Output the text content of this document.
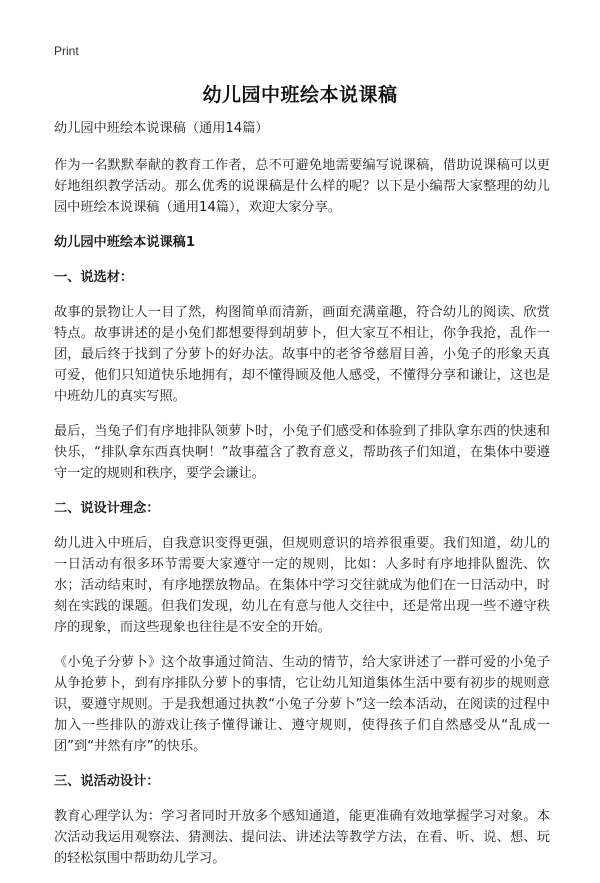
Print
幼儿园中班绘本说课稿

幼儿园中班绘本说课稿（通用14篇）

作为一名默默奉献的教育工作者，总不可避免地需要编写说课稿，借助说课稿可以更好地组织教学活动。那么优秀的说课稿是什么样的呢？以下是小编帮大家整理的幼儿园中班绘本说课稿（通用14篇），欢迎大家分享。

幼儿园中班绘本说课稿1
一、说选材：

故事的景物让人一目了然，构图简单而清新，画面充满童趣，符合幼儿的阅读、欣赏特点。故事讲述的是小兔们都想要得到胡萝卜，但大家互不相让，你争我抢，乱作一团，最后终于找到了分萝卜的好办法。故事中的老爷爷慈眉目善，小兔子的形象天真可爱，他们只知道快乐地拥有，却不懂得顾及他人感受，不懂得分享和谦让，这也是中班幼儿的真实写照。

最后，当兔子们有序地排队领萝卜时，小兔子们感受和体验到了排队拿东西的快速和快乐，“排队拿东西真快啊！”故事蕴含了教育意义，帮助孩子们知道，在集体中要遵守一定的规则和秩序，要学会谦让。

二、说设计理念：

幼儿进入中班后，自我意识变得更强，但规则意识的培养很重要。我们知道，幼儿的一日活动有很多环节需要大家遵守一定的规则，比如：人多时有序地排队盥洗、饮水；活动结束时，有序地摆放物品。在集体中学习交往就成为他们在一日活动中，时刻在实践的课题。但我们发现，幼儿在有意与他人交往中，还是常出现一些不遵守秩序的现象，而这些现象也往往是不安全的开始。

《小兔子分萝卜》这个故事通过简洁、生动的情节，给大家讲述了一群可爱的小兔子从争抢萝卜，到有序排队分萝卜的事情，它让幼儿知道集体生活中要有初步的规则意识，要遵守规则。于是我想通过执教“小兔子分萝卜”这一绘本活动，在阅读的过程中加入一些排队的游戏让孩子懂得谦让、遵守规则，使得孩子们自然感受从“乱成一团”到“井然有序”的快乐。

三、说活动设计：

教育心理学认为：学习者同时开放多个感知通道，能更准确有效地掌握学习对象。本次活动我运用观察法、猜测法、提问法、讲述法等教学方法，在看、听、说、想、玩的轻松氛围中帮助幼儿学习。
